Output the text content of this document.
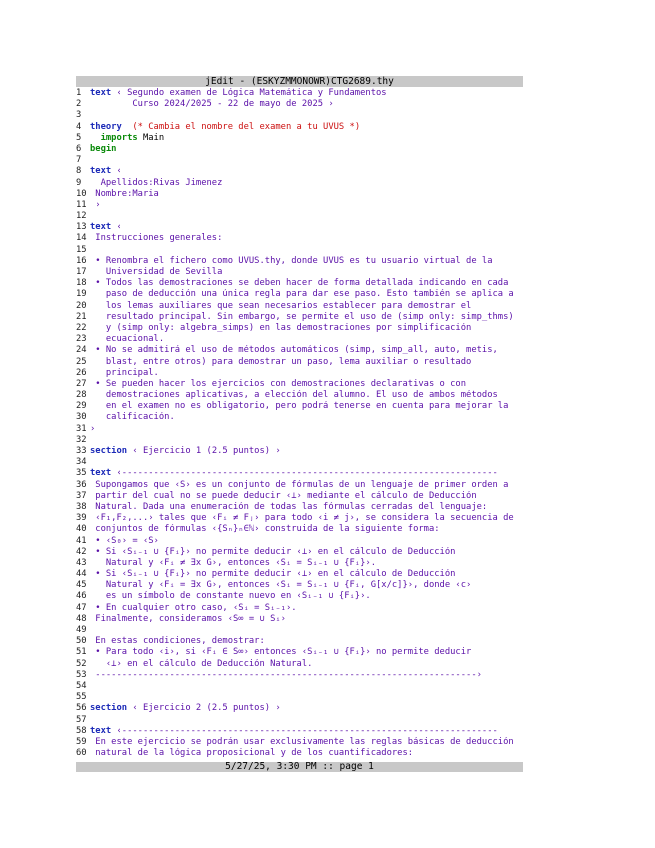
jEdit - (ESKYZMMONOWR)CTG2689.thy
1 text ‹ Segundo examen de Lógica Matemática y Fundamentos
2        Curso 2024/2025 - 22 de mayo de 2025 ›
3
4 theory  (* Cambia el nombre del examen a tu UVUS *)
5  imports Main
6 begin
7
8 text ‹
9  Apellidos:Rivas Jimenez
10 Nombre:Maria
11 ›
12
13 text ‹
14 Instrucciones generales:
15
16 • Renombra el fichero como UVUS.thy, donde UVUS es tu usuario virtual de la
17   Universidad de Sevilla
18 • Todos las demostraciones se deben hacer de forma detallada indicando en cada
19   paso de deducción una única regla para dar ese paso. Esto también se aplica a
20   los lemas auxiliares que sean necesarios establecer para demostrar el
21   resultado principal. Sin embargo, se permite el uso de (simp only: simp_thms)
22   y (simp only: algebra_simps) en las demostraciones por simplificación
23   ecuacional.
24 • No se admitirá el uso de métodos automáticos (simp, simp_all, auto, metis,
25   blast, entre otros) para demostrar un paso, lema auxiliar o resultado
26   principal.
27 • Se pueden hacer los ejercicios con demostraciones declarativas o con
28   demostraciones aplicativas, a elección del alumno. El uso de ambos métodos
29   en el examen no es obligatorio, pero podrá tenerse en cuenta para mejorar la
30   calificación.
31 ›
32
33 section ‹ Ejercicio 1 (2.5 puntos) ›
34
35 text ‹-----------------------------------------------------------------------
36 Supongamos que ‹S› es un conjunto de fórmulas de un lenguaje de primer orden a
37 partir del cual no se puede deducir ‹⊥› mediante el cálculo de Deducción
38 Natural. Dada una enumeración de todas las fórmulas cerradas del lenguaje:
39 ‹F₁,F₂,...› tales que ‹Fᵢ ≠ Fⱼ› para todo ‹i ≠ j›, se considera la secuencia de
40 conjuntos de fórmulas ‹{Sₙ}ₙ∈ℕ› construida de la siguiente forma:
41 • ‹S₀› = ‹S›
42 • Si ‹Sᵢ₋₁ ∪ {Fᵢ}› no permite deducir ‹⊥› en el cálculo de Deducción
43   Natural y ‹Fᵢ ≠ ∃x G›, entonces ‹Sᵢ = Sᵢ₋₁ ∪ {Fᵢ}›.
44 • Si ‹Sᵢ₋₁ ∪ {Fᵢ}› no permite deducir ‹⊥› en el cálculo de Deducción
45   Natural y ‹Fᵢ = ∃x G›, entonces ‹Sᵢ = Sᵢ₋₁ ∪ {Fᵢ, G[x/c]}›, donde ‹c›
46   es un símbolo de constante nuevo en ‹Sᵢ₋₁ ∪ {Fᵢ}›.
47 • En cualquier otro caso, ‹Sᵢ = Sᵢ₋₁›.
48 Finalmente, consideramos ‹S∞ = ∪ Sᵢ›
49
50 En estas condiciones, demostrar:
51 • Para todo ‹i›, si ‹Fᵢ ∈ S∞› entonces ‹Sᵢ₋₁ ∪ {Fᵢ}› no permite deducir
52   ‹⊥› en el cálculo de Deducción Natural.
53 ------------------------------------------------------------------------›
54
55
56 section ‹ Ejercicio 2 (2.5 puntos) ›
57
58 text ‹-----------------------------------------------------------------------
59 En este ejercicio se podrán usar exclusivamente las reglas básicas de deducción
60 natural de la lógica proposicional y de los cuantificadores:
5/27/25, 3:30 PM :: page 1
